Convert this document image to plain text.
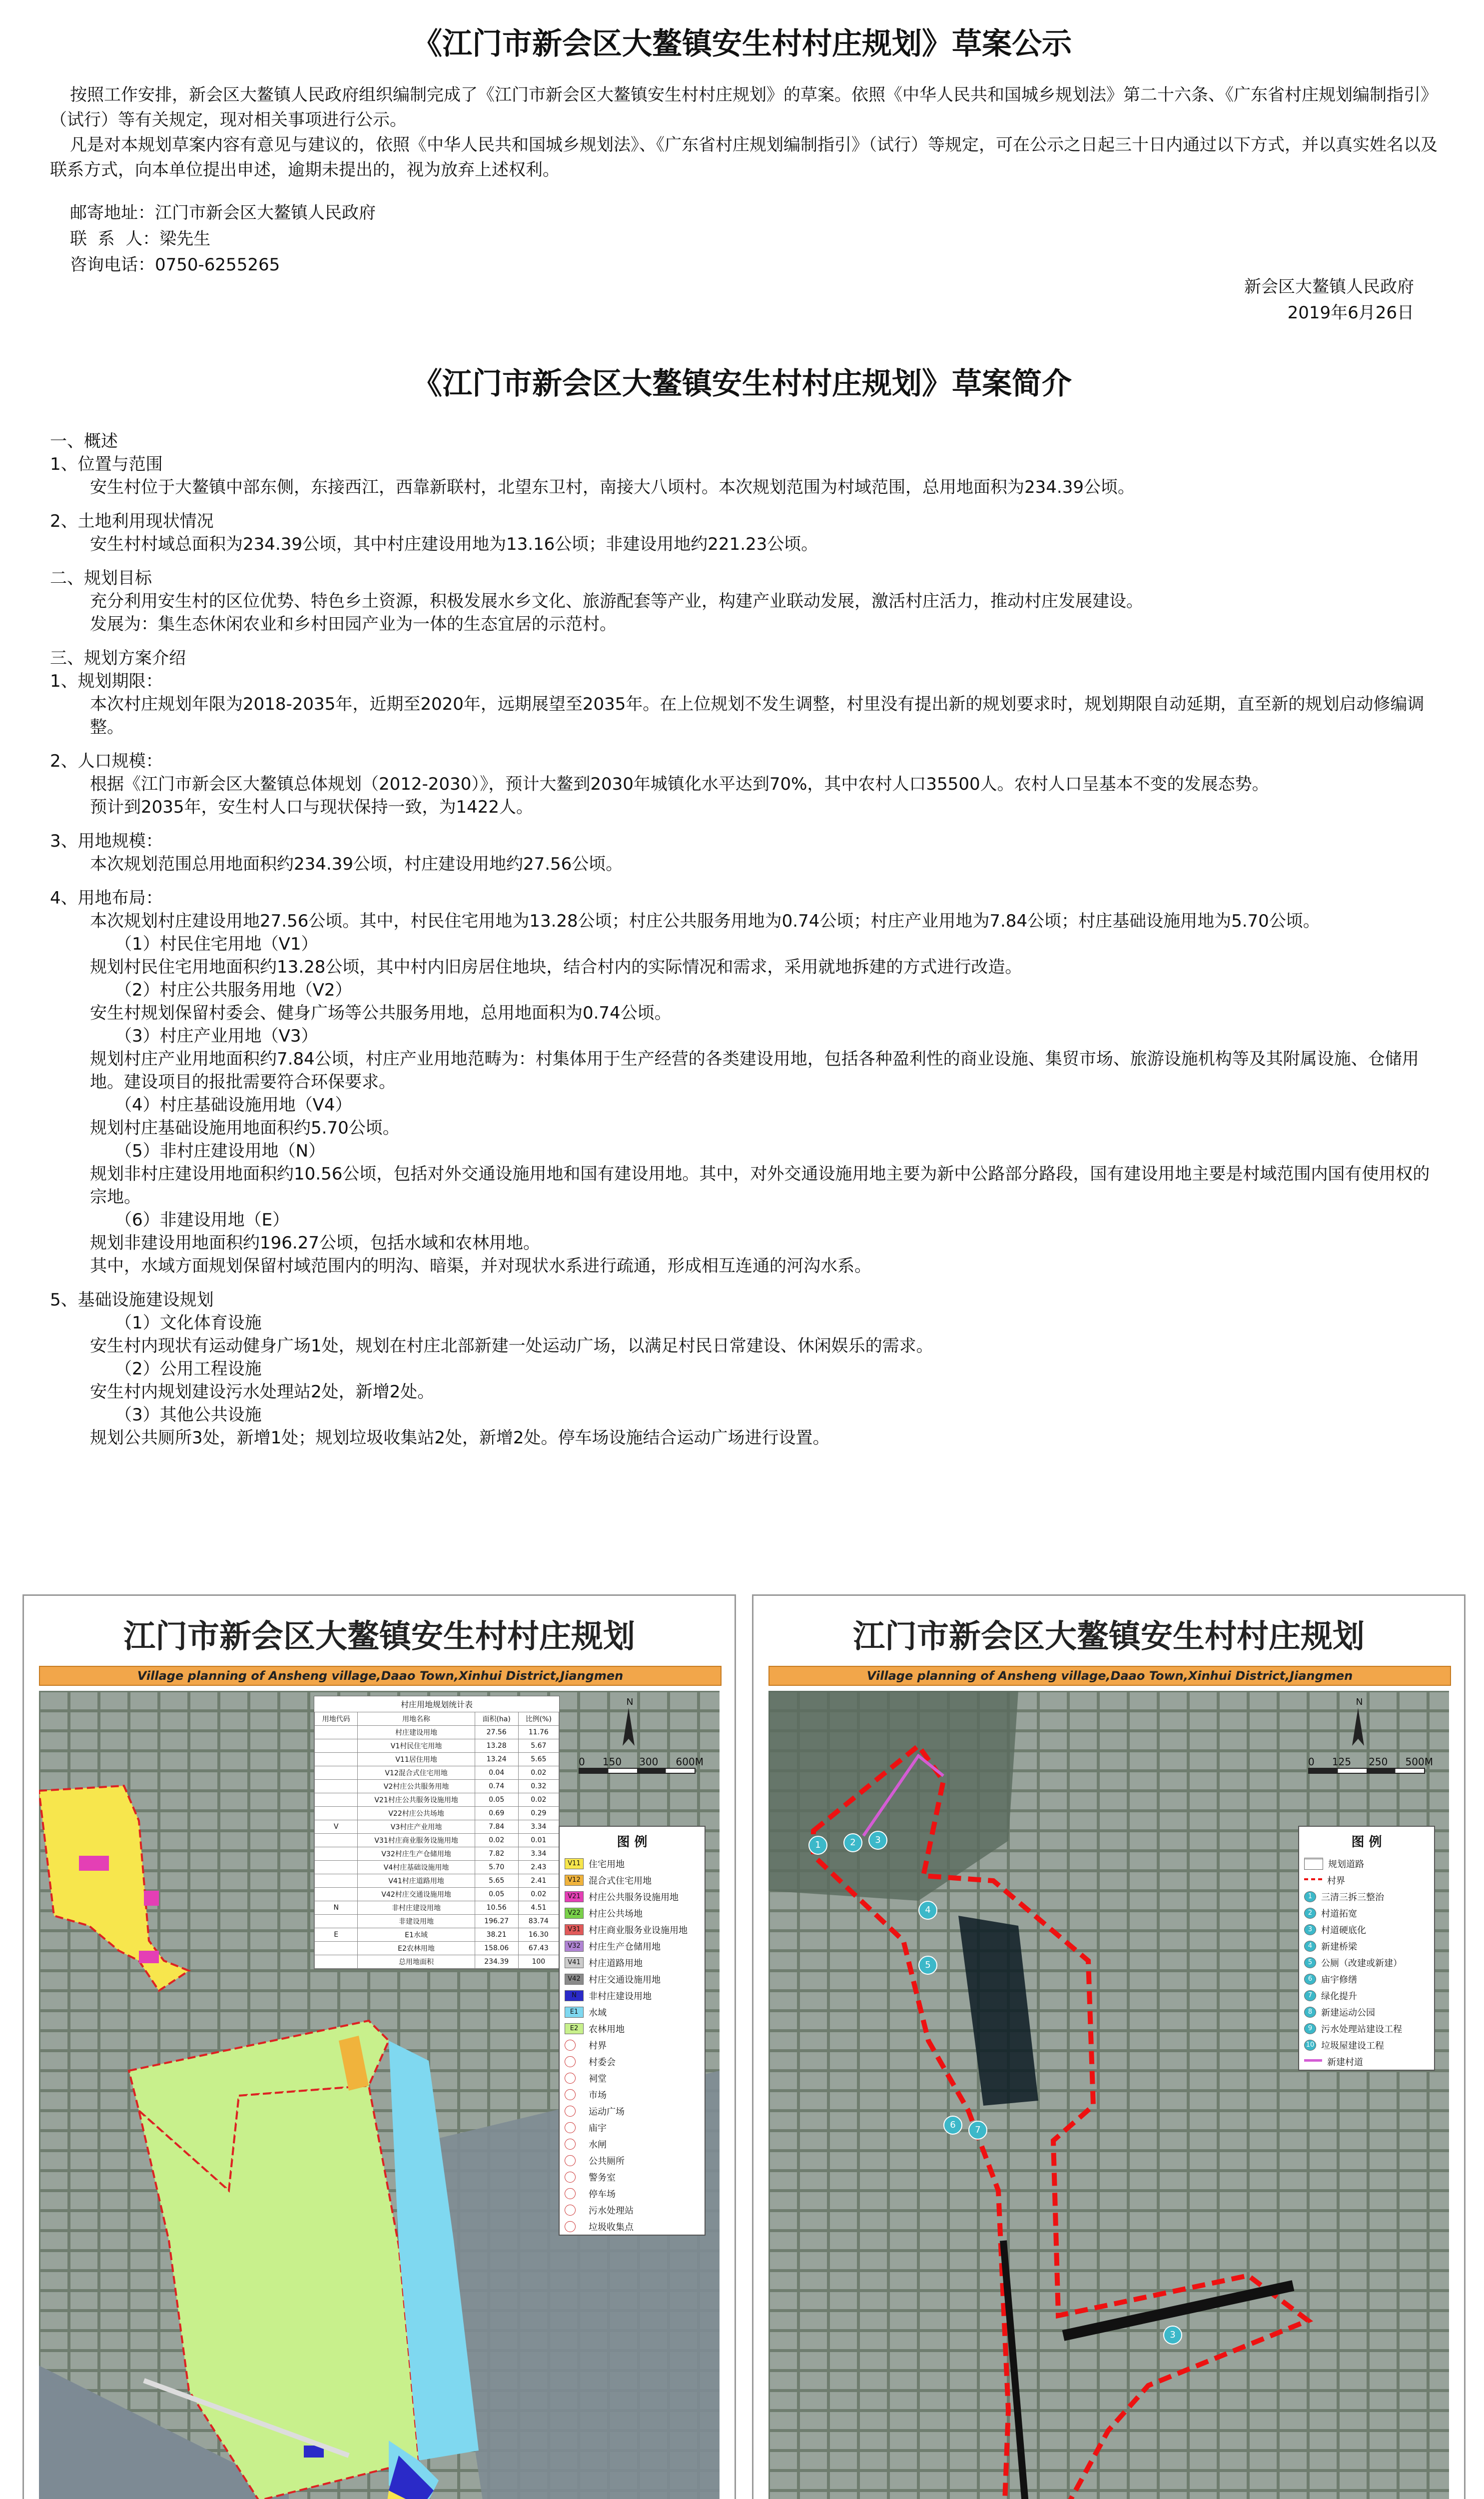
《江门市新会区大鳌镇安生村村庄规划》草案公示

按照工作安排，新会区大鳌镇人民政府组织编制完成了《江门市新会区大鳌镇安生村村庄规划》的草案。依照《中华人民共和国城乡规划法》第二十六条、《广东省村庄规划编制指引》（试行）等有关规定，现对相关事项进行公示。

凡是对本规划草案内容有意见与建议的，依照《中华人民共和国城乡规划法》、《广东省村庄规划编制指引》（试行）等规定，可在公示之日起三十日内通过以下方式，并以真实姓名以及联系方式，向本单位提出申述，逾期未提出的，视为放弃上述权利。

邮寄地址：江门市新会区大鳌镇人民政府
联  系  人：梁先生
咨询电话：0750-6255265
新会区大鳌镇人民政府
2019年6月26日
《江门市新会区大鳌镇安生村村庄规划》草案简介

一、概述

1、位置与范围

安生村位于大鳌镇中部东侧，东接西江，西靠新联村，北望东卫村，南接大八顷村。本次规划范围为村域范围，总用地面积为234.39公顷。

2、土地利用现状情况

安生村村域总面积为234.39公顷，其中村庄建设用地为13.16公顷；非建设用地约221.23公顷。

二、规划目标

充分利用安生村的区位优势、特色乡土资源，积极发展水乡文化、旅游配套等产业，构建产业联动发展，激活村庄活力，推动村庄发展建设。

发展为：集生态休闲农业和乡村田园产业为一体的生态宜居的示范村。

三、规划方案介绍

1、规划期限：

本次村庄规划年限为2018-2035年，近期至2020年，远期展望至2035年。在上位规划不发生调整，村里没有提出新的规划要求时，规划期限自动延期，直至新的规划启动修编调整。

2、人口规模：

根据《江门市新会区大鳌镇总体规划（2012-2030）》，预计大鳌到2030年城镇化水平达到70%，其中农村人口35500人。农村人口呈基本不变的发展态势。

预计到2035年，安生村人口与现状保持一致，为1422人。

3、用地规模：

本次规划范围总用地面积约234.39公顷，村庄建设用地约27.56公顷。

4、用地布局：

本次规划村庄建设用地27.56公顷。其中，村民住宅用地为13.28公顷；村庄公共服务用地为0.74公顷；村庄产业用地为7.84公顷；村庄基础设施用地为5.70公顷。

（1）村民住宅用地（V1）

规划村民住宅用地面积约13.28公顷，其中村内旧房居住地块，结合村内的实际情况和需求，采用就地拆建的方式进行改造。

（2）村庄公共服务用地（V2）

安生村规划保留村委会、健身广场等公共服务用地，总用地面积为0.74公顷。

（3）村庄产业用地（V3）

规划村庄产业用地面积约7.84公顷，村庄产业用地范畴为：村集体用于生产经营的各类建设用地，包括各种盈利性的商业设施、集贸市场、旅游设施机构等及其附属设施、仓储用地。建设项目的报批需要符合环保要求。

（4）村庄基础设施用地（V4）

规划村庄基础设施用地面积约5.70公顷。

（5）非村庄建设用地（N）

规划非村庄建设用地面积约10.56公顷，包括对外交通设施用地和国有建设用地。其中，对外交通设施用地主要为新中公路部分路段，国有建设用地主要是村域范围内国有使用权的宗地。

（6）非建设用地（E）

规划非建设用地面积约196.27公顷，包括水域和农林用地。

其中，水域方面规划保留村域范围内的明沟、暗渠，并对现状水系进行疏通，形成相互连通的河沟水系。

5、基础设施建设规划

（1）文化体育设施

安生村内现状有运动健身广场1处，规划在村庄北部新建一处运动广场，以满足村民日常建设、休闲娱乐的需求。

（2）公用工程设施

安生村内规划建设污水处理站2处，新增2处。

（3）其他公共设施

规划公共厕所3处，新增1处；规划垃圾收集站2处，新增2处。停车场设施结合运动广场进行设置。

江门市新会区大鳌镇安生村村庄规划
Village planning of Ansheng village,Daao Town,Xinhui District,Jiangmen
村庄用地规划统计表
用地代码	用地名称	面积(ha)	比例(%)
	村庄建设用地	27.56	11.76
	V1村民住宅用地	13.28	5.67
	V11居住用地	13.24	5.65
	V12混合式住宅用地	0.04	0.02
	V2村庄公共服务用地	0.74	0.32
	V21村庄公共服务设施用地	0.05	0.02
	V22村庄公共场地	0.69	0.29
V	V3村庄产业用地	7.84	3.34
	V31村庄商业服务设施用地	0.02	0.01
	V32村庄生产仓储用地	7.82	3.34
	V4村庄基础设施用地	5.70	2.43
	V41村庄道路用地	5.65	2.41
	V42村庄交通设施用地	0.05	0.02
N	非村庄建设用地	10.56	4.51
	非建设用地	196.27	83.74
E	E1水域	38.21	16.30
	E2农林用地	158.06	67.43
	总用地面积	234.39	100
N
0 150 300 600M
图 例
V11 住宅用地
V12 混合式住宅用地
V21 村庄公共服务设施用地
V22 村庄公共场地
V31 村庄商业服务业设施用地
V32 村庄生产仓储用地
V41 村庄道路用地
V42 村庄交通设施用地
N	非村庄建设用地
E1	水域
E2	农林用地
村界
村委会
祠堂
市场
运动广场
庙宇
水闸
公共厕所
警务室
停车场
污水处理站
垃圾收集点
江门市新会区大鳌镇安生村村庄规划
Village planning of Ansheng village,Daao Town,Xinhui District,Jiangmen
1	2	3
4
5
6	7
3
N
0 125 250 500M
图 例
规划道路
村界
1 三清三拆三整治
2 村道拓宽
3 村道硬底化
4 新建桥梁
5 公厕（改建或新建）
6 庙宇修缮
7 绿化提升
8 新建运动公园
9 污水处理站建设工程
10 垃圾屋建设工程
新建村道
